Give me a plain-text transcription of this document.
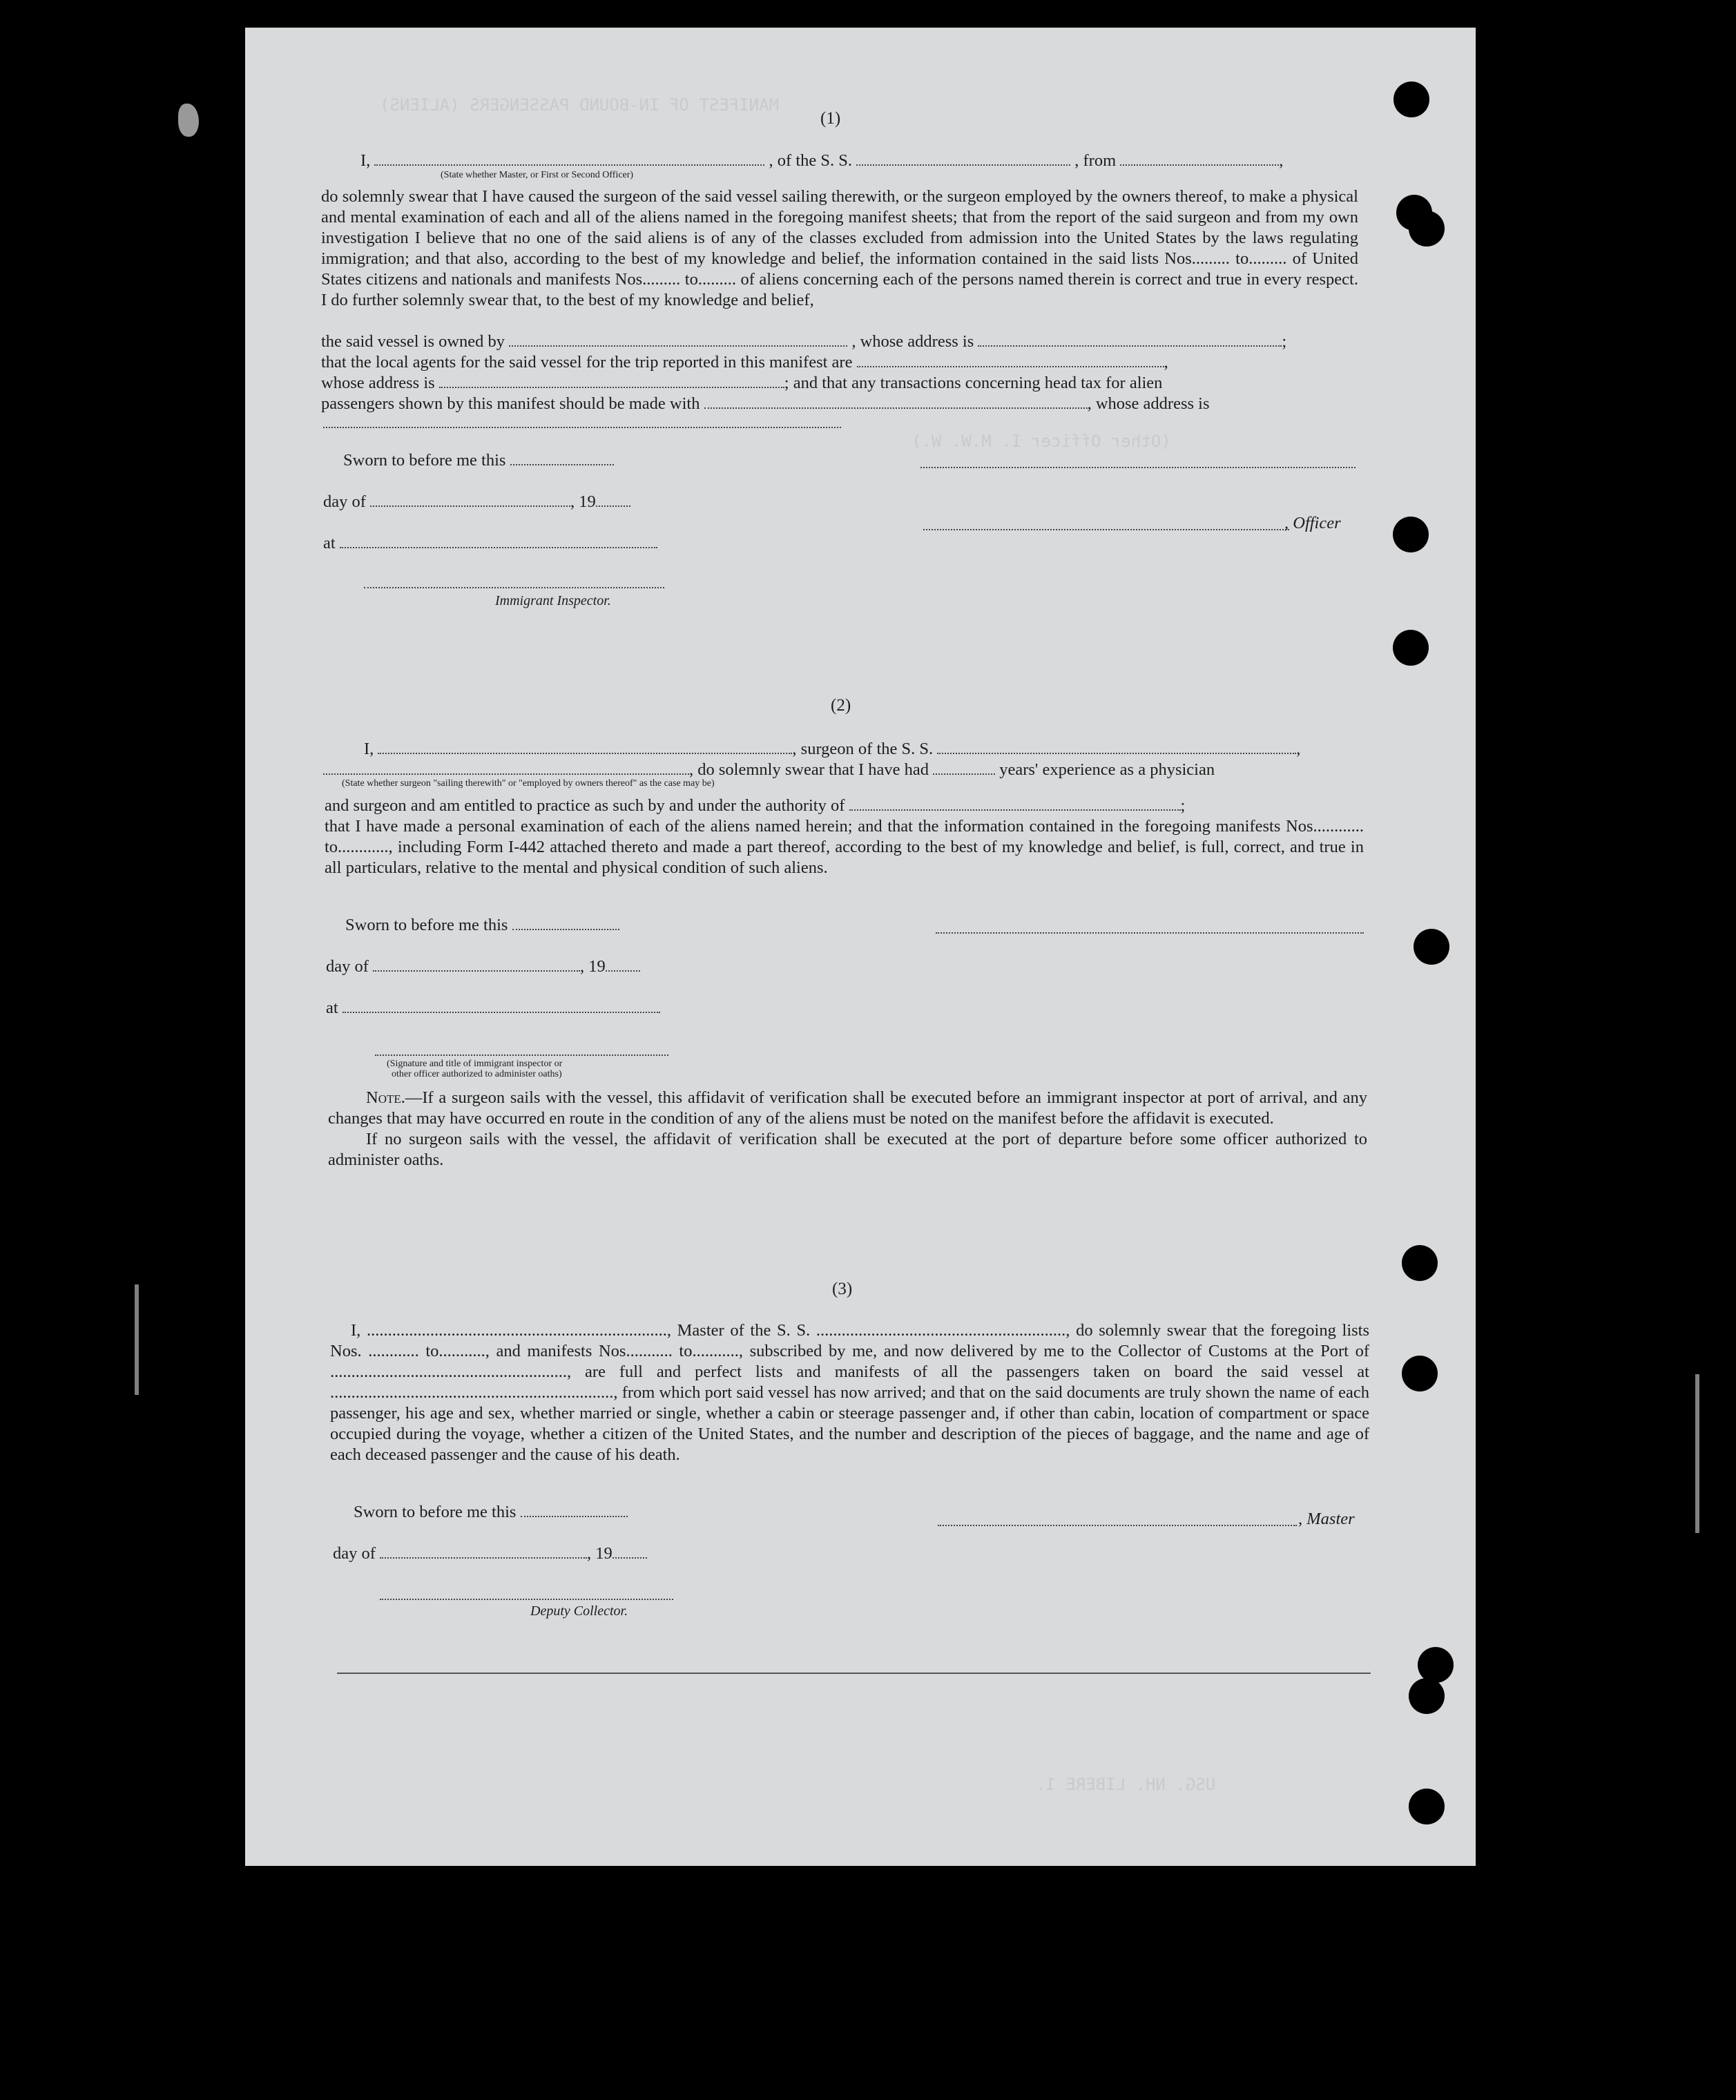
MANIFEST OF IN-BOUND PASSENGERS (ALIENS)
(Other Officer I. M.W. W.)
USG. NH. LIBERE 1.
(1)
I,	, of the S. S.	, from	,
(State whether Master, or First or Second Officer)

do solemnly swear that I have caused the surgeon of the said vessel sailing therewith, or the surgeon employed by the owners thereof, to make a physical and mental examination of each and all of the aliens named in the foregoing manifest sheets; that from the report of the said surgeon and from my own investigation I believe that no one of the said aliens is of any of the classes excluded from admission into the United States by the laws regulating immigration; and that also, according to the best of my knowledge and belief, the information contained in the said lists Nos......... to......... of United States citizens and nationals and manifests Nos......... to......... of aliens concerning each of the persons named therein is correct and true in every respect. I do further solemnly swear that, to the best of my knowledge and belief,

the said vessel is owned by	, whose address is	;
that the local agents for the said vessel for the trip reported in this manifest are	,
whose address is	; and that any transactions concerning head tax for alien
passengers shown by this manifest should be made with	, whose address is
Sworn to before me this
day of	, 19
at
Immigrant Inspector.
, Officer
(2)
I,	, surgeon of the S. S.	,
, do solemnly swear that I have had	years' experience as a physician
(State whether surgeon "sailing therewith" or "employed by owners thereof" as the case may be)
and surgeon and am entitled to practice as such by and under the authority of	;

that I have made a personal examination of each of the aliens named herein; and that the information contained in the foregoing manifests Nos............ to............, including Form I-442 attached thereto and made a part thereof, according to the best of my knowledge and belief, is full, correct, and true in all particulars, relative to the mental and physical condition of such aliens.

Sworn to before me this
day of	, 19
at
(Signature and title of immigrant inspector or
other officer authorized to administer oaths)

Note.—If a surgeon sails with the vessel, this affidavit of verification shall be executed before an immigrant inspector at port of arrival, and any changes that may have occurred en route in the condition of any of the aliens must be noted on the manifest before the affidavit is executed.

If no surgeon sails with the vessel, the affidavit of verification shall be executed at the port of departure before some officer authorized to administer oaths.

(3)

I, ......................................................................., Master of the S. S. ..........................................................., do solemnly swear that the foregoing lists Nos. ............ to..........., and manifests Nos........... to..........., subscribed by me, and now delivered by me to the Collector of Customs at the Port of ........................................................, are full and perfect lists and manifests of all the passengers taken on board the said vessel at ..................................................................., from which port said vessel has now arrived; and that on the said documents are truly shown the name of each passenger, his age and sex, whether married or single, whether a cabin or steerage passenger and, if other than cabin, location of compartment or space occupied during the voyage, whether a citizen of the United States, and the number and description of the pieces of baggage, and the name and age of each deceased passenger and the cause of his death.

Sworn to before me this	, Master
day of	, 19
Deputy Collector.
